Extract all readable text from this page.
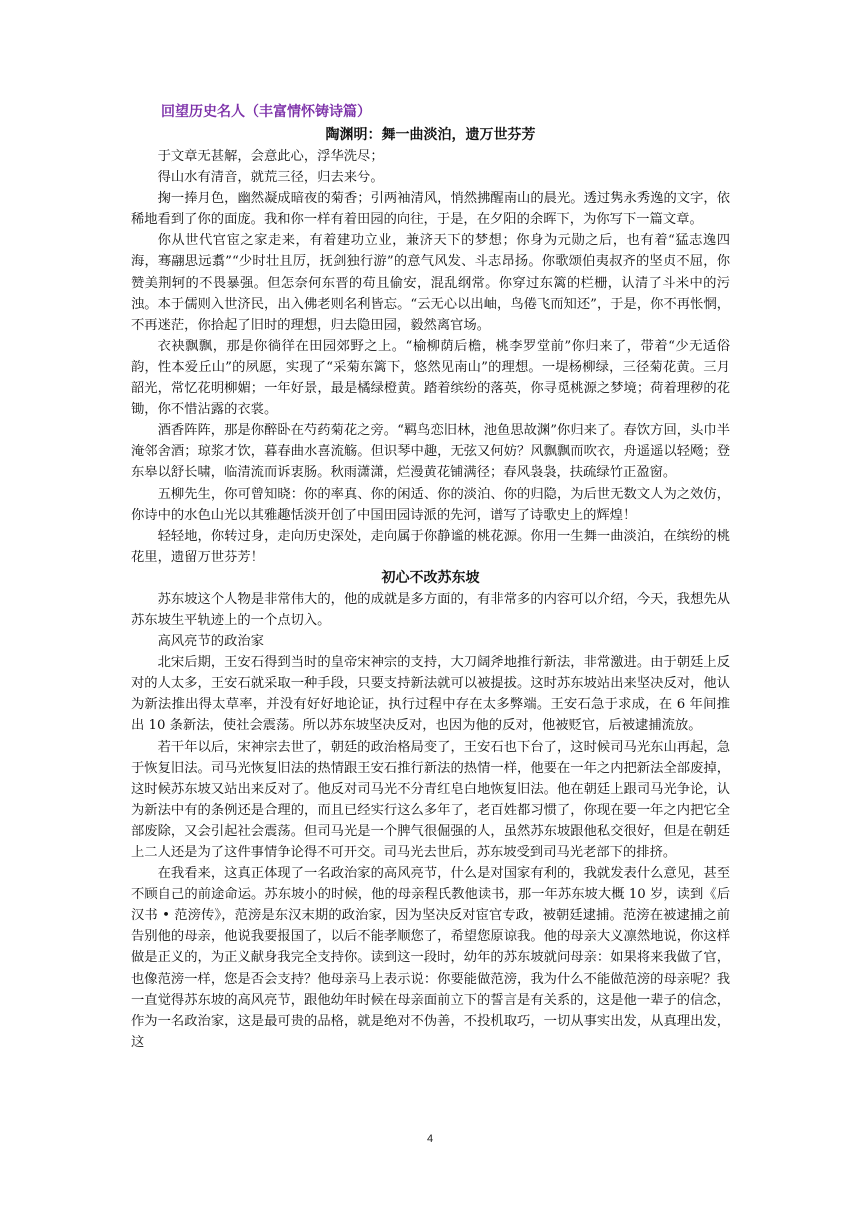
回望历史名人（丰富情怀铸诗篇）
陶渊明：舞一曲淡泊，遗万世芬芳

于文章无甚解，会意此心，浮华洗尽；

得山水有清音，就荒三径，归去来兮。

掬一捧月色，幽然凝成暗夜的菊香；引两袖清风，悄然拂醒南山的晨光。透过隽永秀逸的文字，依稀地看到了你的面庞。我和你一样有着田园的向往，于是，在夕阳的余晖下，为你写下一篇文章。

你从世代官宦之家走来，有着建功立业，兼济天下的梦想；你身为元勋之后，也有着“猛志逸四海，骞翮思远翥”“少时壮且厉，抚剑独行游”的意气风发、斗志昂扬。你歌颂伯夷叔齐的坚贞不屈，你赞美荆轲的不畏暴强。但怎奈何东晋的苟且偷安，混乱纲常。你穿过东篱的栏栅，认清了斗米中的污浊。本于儒则入世济民，出入佛老则名利皆忘。“云无心以出岫，鸟倦飞而知还”，于是，你不再怅惘，不再迷茫，你拾起了旧时的理想，归去隐田园，毅然离官场。

衣袂飘飘，那是你徜徉在田园郊野之上。“榆柳荫后檐，桃李罗堂前”你归来了，带着“少无适俗韵，性本爱丘山”的夙愿，实现了“采菊东篱下，悠然见南山”的理想。一堤杨柳绿，三径菊花黄。三月韶光，常忆花明柳媚；一年好景，最是橘绿橙黄。踏着缤纷的落英，你寻觅桃源之梦境；荷着理秽的花锄，你不惜沾露的衣裳。

酒香阵阵，那是你醉卧在芍药菊花之旁。“羁鸟恋旧林，池鱼思故渊”你归来了。春饮方回，头巾半淹邻舍酒；琼浆才饮，暮春曲水喜流觞。但识琴中趣，无弦又何妨？风飘飘而吹衣，舟遥遥以轻飏；登东皋以舒长啸，临清流而诉衷肠。秋雨潇潇，烂漫黄花铺满径；春风袅袅，扶疏绿竹正盈窗。

五柳先生，你可曾知晓：你的率真、你的闲适、你的淡泊、你的归隐，为后世无数文人为之效仿，你诗中的水色山光以其雅趣恬淡开创了中国田园诗派的先河，谱写了诗歌史上的辉煌！

轻轻地，你转过身，走向历史深处，走向属于你静谧的桃花源。你用一生舞一曲淡泊，在缤纷的桃花里，遗留万世芬芳！

初心不改苏东坡

苏东坡这个人物是非常伟大的，他的成就是多方面的，有非常多的内容可以介绍，今天，我想先从苏东坡生平轨迹上的一个点切入。

高风亮节的政治家

北宋后期，王安石得到当时的皇帝宋神宗的支持，大刀阔斧地推行新法，非常激进。由于朝廷上反对的人太多，王安石就采取一种手段，只要支持新法就可以被提拔。这时苏东坡站出来坚决反对，他认为新法推出得太草率，并没有好好地论证，执行过程中存在太多弊端。王安石急于求成，在 6 年间推出 10 条新法，使社会震荡。所以苏东坡坚决反对，也因为他的反对，他被贬官，后被逮捕流放。

若干年以后，宋神宗去世了，朝廷的政治格局变了，王安石也下台了，这时候司马光东山再起，急于恢复旧法。司马光恢复旧法的热情跟王安石推行新法的热情一样，他要在一年之内把新法全部废掉，这时候苏东坡又站出来反对了。他反对司马光不分青红皂白地恢复旧法。他在朝廷上跟司马光争论，认为新法中有的条例还是合理的，而且已经实行这么多年了，老百姓都习惯了，你现在要一年之内把它全部废除，又会引起社会震荡。但司马光是一个脾气很倔强的人，虽然苏东坡跟他私交很好，但是在朝廷上二人还是为了这件事情争论得不可开交。司马光去世后，苏东坡受到司马光老部下的排挤。

在我看来，这真正体现了一名政治家的高风亮节，什么是对国家有利的，我就发表什么意见，甚至不顾自己的前途命运。苏东坡小的时候，他的母亲程氏教他读书，那一年苏东坡大概 10 岁，读到《后汉书 • 范滂传》，范滂是东汉末期的政治家，因为坚决反对宦官专政，被朝廷逮捕。范滂在被逮捕之前告别他的母亲，他说我要报国了，以后不能孝顺您了，希望您原谅我。他的母亲大义凛然地说，你这样做是正义的，为正义献身我完全支持你。读到这一段时，幼年的苏东坡就问母亲：如果将来我做了官，也像范滂一样，您是否会支持？他母亲马上表示说：你要能做范滂，我为什么不能做范滂的母亲呢？我一直觉得苏东坡的高风亮节，跟他幼年时候在母亲面前立下的誓言是有关系的，这是他一辈子的信念，作为一名政治家，这是最可贵的品格，就是绝对不伪善，不投机取巧，一切从事实出发，从真理出发，这

4
